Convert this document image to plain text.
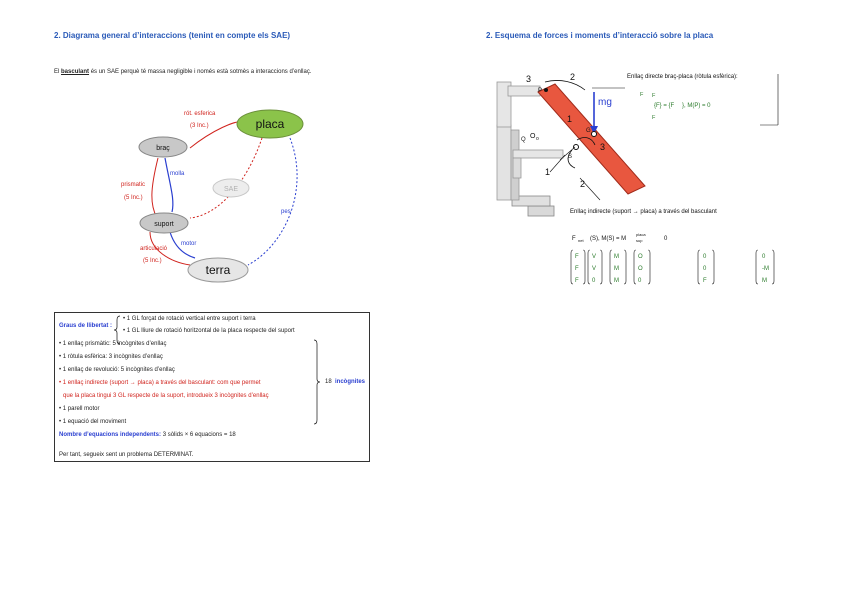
2. Diagrama general d’interaccions (tenint en compte els SAE)
El basculant és un SAE perquè té massa negligible i només està sotmès a interaccions d’enllaç.
placa
braç
SAE
suport
terra
rót. esferica
(3 Inc.)
molla
prismatic
(5 Inc.)
motor
articulació
(5 Inc.)
pes
3	2
P
mg
1
G
Q O o
3
S
1
2
Enllaç directe braç-placa (ròtula esfèrica):
F
{F} = {F }, M(P) = 0
F
F
Enllaç indirecte (suport → placa) a través del basculant
F net (S), M(S) = M
placa
sup	0
F
F
F
V
V
0
M
M
M
O
O
0
0
0
F
0
-M
M
2. Esquema de forces i moments d’interacció sobre la placa
Graus de llibertat :
• 1 GL forçat de rotació vertical entre suport i terra
• 1 GL lliure de rotació horitzontal de la placa respecte del suport
• 1 enllaç prismàtic: 5 incògnites d’enllaç
• 1 ròtula esfèrica: 3 incògnites d’enllaç
• 1 enllaç de revolució: 5 incògnites d’enllaç
• 1 enllaç indirecte (suport → placa) a través del basculant: com que permet
que la placa tingui 3 GL respecte de la suport, introdueix 3 incògnites d’enllaç
• 1 parell motor
• 1 equació del moviment
18 incògnites
Nombre d’equacions independents: 3 sòlids × 6 equacions = 18
Per tant, segueix sent un problema DETERMINAT.
